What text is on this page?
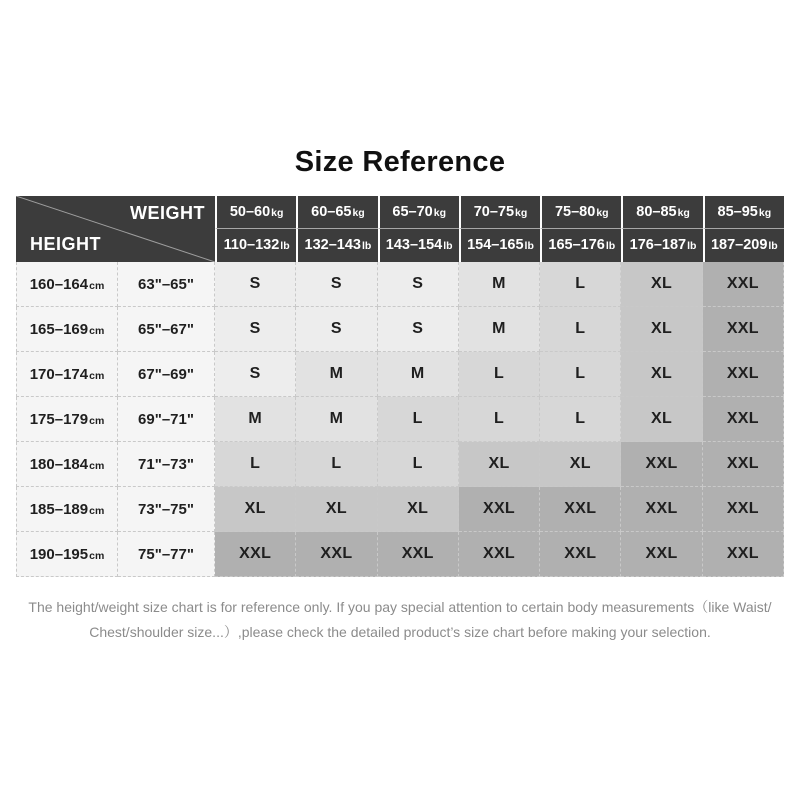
Size Reference
WEIGHT
HEIGHT
50–60 kg 60–65 kg 65–70 kg 70–75 kg 75–80 kg 80–85 kg 85–95 kg
110–132 lb 132–143 lb 143–154 lb 154–165 lb 165–176 lb 176–187 lb 187–209 lb
160–164 cm	63"–65"	S	S	S	M	L	XL	XXL
165–169 cm	65"–67"	S	S	S	M	L	XL	XXL
170–174 cm	67"–69"	S	M	M	L	L	XL	XXL
175–179 cm	69"–71"	M	M	L	L	L	XL	XXL
180–184 cm	71"–73"	L	L	L	XL	XL	XXL	XXL
185–189 cm	73"–75"	XL	XL	XL	XXL	XXL	XXL	XXL
190–195 cm	75"–77"	XXL	XXL	XXL	XXL	XXL	XXL	XXL
The height/weight size chart is for reference only. If you pay special attention to certain body measurements（like Waist/
Chest/shoulder size...）,please check the detailed product’s size chart before making your selection.
